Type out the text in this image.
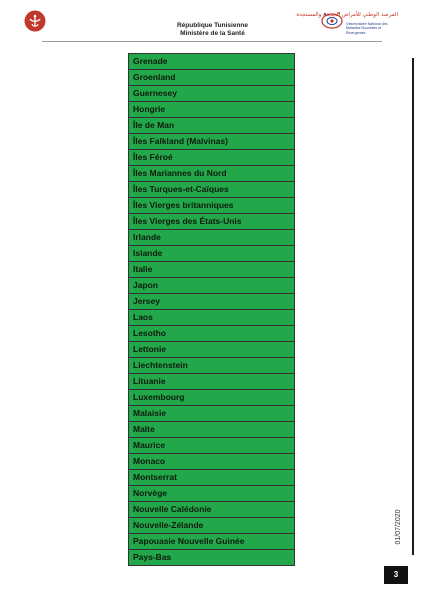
République Tunisienne
Ministère de la Santé
المرصد الوطني للأمراض الجديدة والمستجدة
Observatoire National des Maladies Nouvelles et Émergentes
Grenade
Groenland
Guernesey
Hongrie
Île de Man
Îles Falkland (Malvinas)
Îles Féroé
Îles Mariannes du Nord
Îles Turques-et-Caïques
Îles Vierges britanniques
Îles Vierges des États-Unis
Irlande
Islande
Italie
Japon
Jersey
Laos
Lesotho
Lettonie
Liechtenstein
Lituanie
Luxembourg
Malaisie
Malte
Maurice
Monaco
Montserrat
Norvège
Nouvelle Calédonie
Nouvelle-Zélande
Papouasie Nouvelle Guinée
Pays-Bas
01/07/2020
3
